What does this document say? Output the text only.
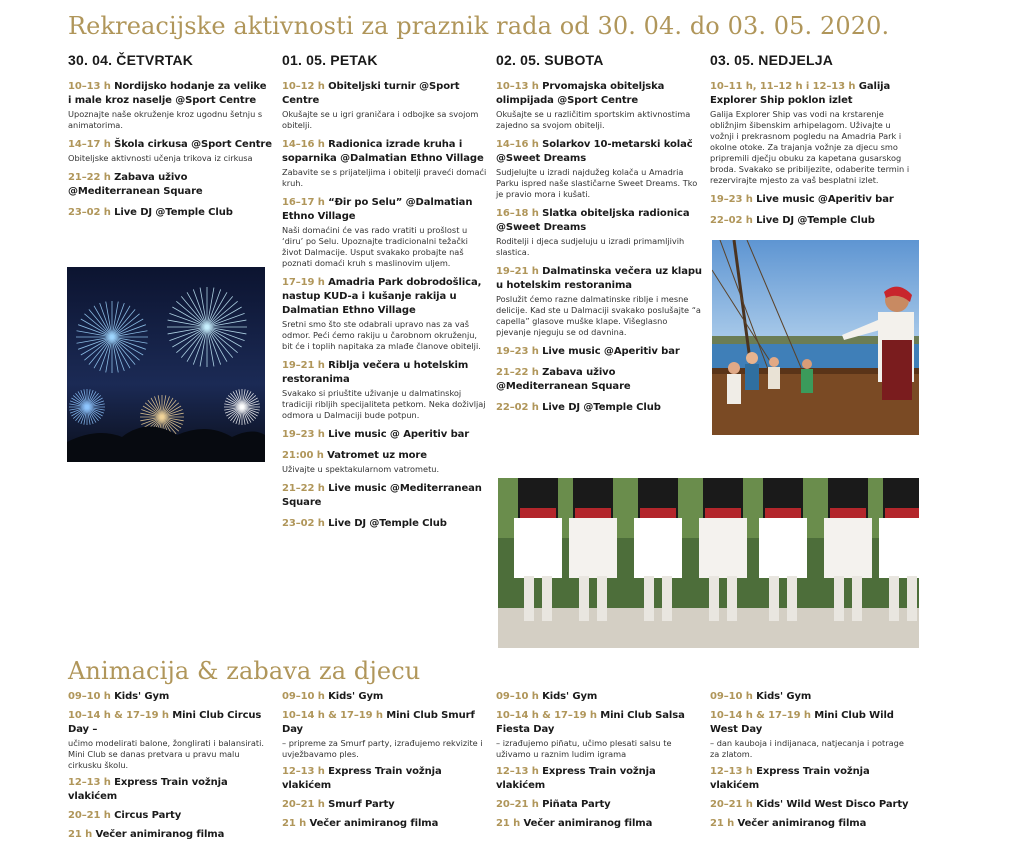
Rekreacijske aktivnosti za praznik rada od 30. 04. do 03. 05. 2020.
Animacija & zabava za djecu
30. 04. ČETVRTAK
10–13 h Nordijsko hodanje za velike i male kroz naselje @Sport Centre
Upoznajte naše okruženje kroz ugodnu šetnju s animatorima.
14–17 h Škola cirkusa @Sport Centre
Obiteljske aktivnosti učenja trikova iz cirkusa
21–22 h Zabava uživo @Mediterranean Square
23–02 h Live DJ @Temple Club
01. 05. PETAK
10–12 h Obiteljski turnir @Sport Centre
Okušajte se u igri graničara i odbojke sa svojom obitelji.
14–16 h Radionica izrade kruha i soparnika @Dalmatian Ethno Village
Zabavite se s prijateljima i obitelji praveći domaći kruh.
16–17 h “Đir po Selu” @Dalmatian Ethno Village
Naši domaćini će vas rado vratiti u prošlost u ‘diru’ po Selu. Upoznajte tradicionalni težački život Dalmacije. Usput svakako probajte naš poznati domaći kruh s maslinovim uljem.
17–19 h Amadria Park dobrodošlica, nastup KUD-a i kušanje rakija u Dalmatian Ethno Village
Sretni smo što ste odabrali upravo nas za vaš odmor. Peći ćemo rakiju u čarobnom okruženju, bit će i toplih napitaka za mlađe članove obitelji.
19–21 h Riblja večera u hotelskim restoranima
Svakako si priuštite uživanje u dalmatinskoj tradiciji ribljih specijaliteta petkom. Neka doživljaj odmora u Dalmaciji bude potpun.
19–23 h Live music @ Aperitiv bar
21:00 h Vatromet uz more
Uživajte u spektakularnom vatrometu.
21–22 h Live music @Mediterranean Square
23–02 h Live DJ @Temple Club
02. 05. SUBOTA
10–13 h Prvomajska obiteljska olimpijada @Sport Centre
Okušajte se u različitim sportskim aktivnostima zajedno sa svojom obitelji.
14–16 h Solarkov 10-metarski kolač @Sweet Dreams
Sudjelujte u izradi najdužeg kolača u Amadria Parku ispred naše slastičarne Sweet Dreams. Tko je pravio mora i kušati.
16–18 h Slatka obiteljska radionica @Sweet Dreams
Roditelji i djeca sudjeluju u izradi primamljivih slastica.
19–21 h Dalmatinska večera uz klapu u hotelskim restoranima
Poslužit ćemo razne dalmatinske riblje i mesne delicije. Kad ste u Dalmaciji svakako poslušajte “a capella” glasove muške klape. Višeglasno pjevanje njeguju se od davnina.
19–23 h Live music @Aperitiv bar
21–22 h Zabava uživo @Mediterranean Square
22–02 h Live DJ @Temple Club
03. 05. NEDJELJA
10–11 h, 11–12 h i 12–13 h Galija Explorer Ship poklon izlet
Galija Explorer Ship vas vodi na krstarenje obližnjim šibenskim arhipelagom. Uživajte u vožnji i prekrasnom pogledu na Amadria Park i okolne otoke. Za trajanja vožnje za djecu smo pripremili dječju obuku za kapetana gusarskog broda. Svakako se pribiljezite, odaberite termin i rezervirajte mjesto za vaš besplatni izlet.
19–23 h Live music @Aperitiv bar
22–02 h Live DJ @Temple Club
09–10 h Kids' Gym
10–14 h & 17–19 h Mini Club Circus Day –
učimo modelirati balone, žonglirati i balansirati. Mini Club se danas pretvara u pravu malu cirkusku školu.
12–13 h Express Train vožnja vlakićem
20–21 h Circus Party
21 h Večer animiranog filma
09–10 h Kids' Gym
10–14 h & 17–19 h Mini Club Smurf Day
– pripreme za Smurf party, izrađujemo rekvizite i uvježbavamo ples.
12–13 h Express Train vožnja vlakićem
20–21 h Smurf Party
21 h Večer animiranog filma
09–10 h Kids' Gym
10–14 h & 17–19 h Mini Club Salsa Fiesta Day
– izrađujemo piñatu, učimo plesati salsu te uživamo u raznim ludim igrama
12–13 h Express Train vožnja vlakićem
20–21 h Piñata Party
21 h Večer animiranog filma
09–10 h Kids' Gym
10–14 h & 17–19 h Mini Club Wild West Day
– dan kauboja i indijanaca, natjecanja i potrage za zlatom.
12–13 h Express Train vožnja vlakićem
20–21 h Kids' Wild West Disco Party
21 h Večer animiranog filma
